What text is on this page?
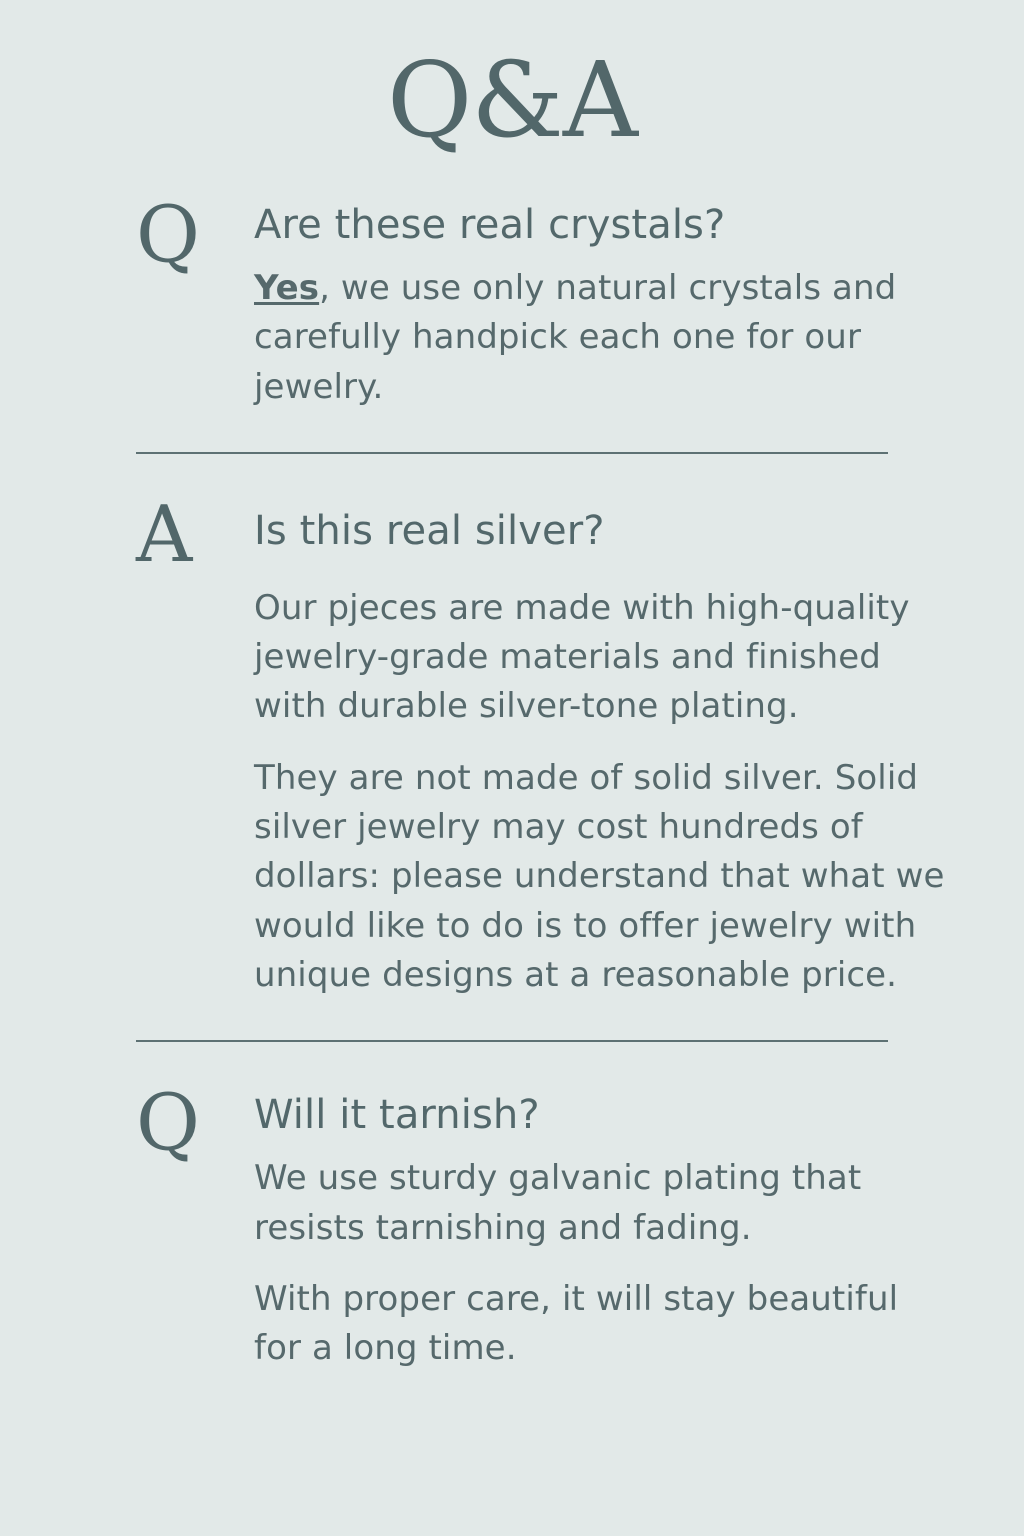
Q&A
Q	Are these real crystals?

Yes, we use only natural crystals and carefully handpick each one for our jewelry.

A	Is this real silver?

Our pjeces are made with high-quality jewelry-grade materials and finished with durable silver-tone plating.

They are not made of solid silver. Solid silver jewelry may cost hundreds of dollars: please understand that what we would like to do is to offer jewelry with unique designs at a reasonable price.

Q	Will it tarnish?

We use sturdy galvanic plating that resists tarnishing and fading.

With proper care, it will stay beautiful for a long time.
